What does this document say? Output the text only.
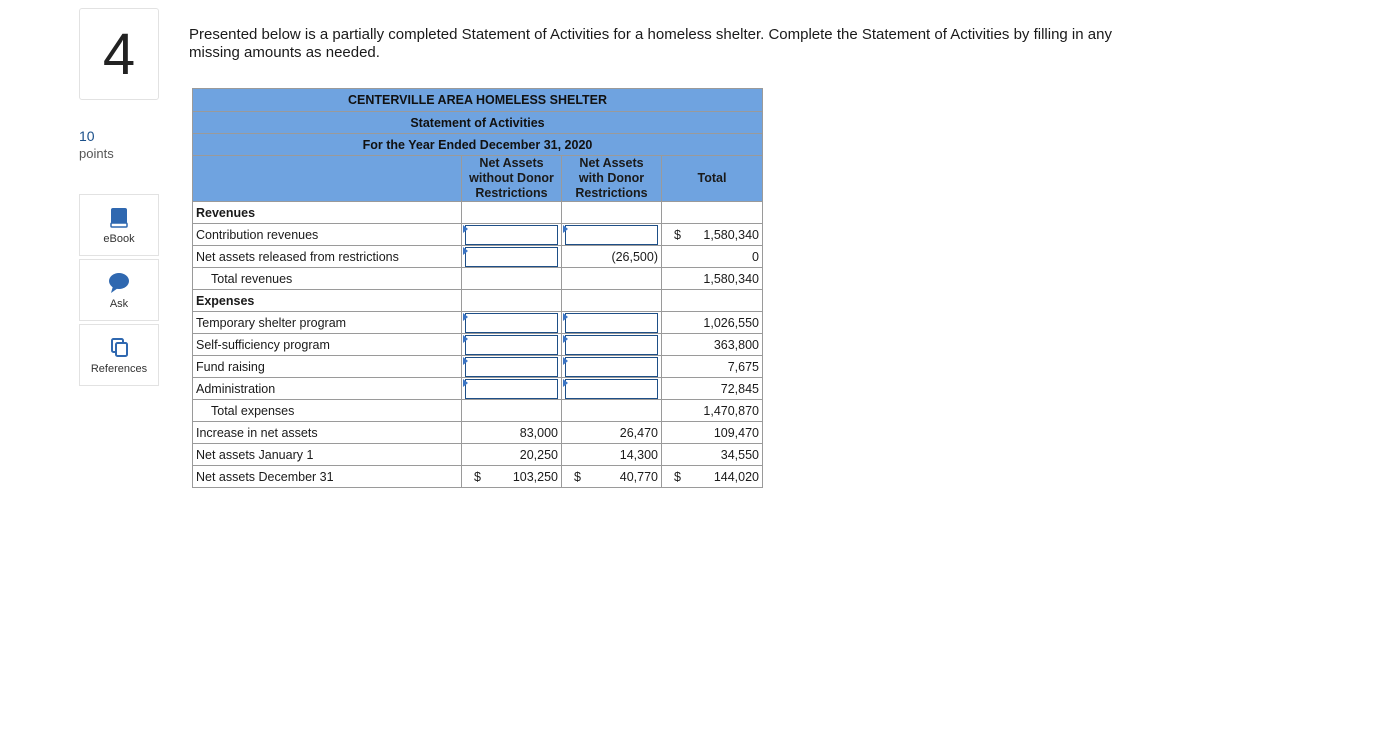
4
10
points
eBook
Ask
References
Presented below is a partially completed Statement of Activities for a homeless shelter. Complete the Statement of Activities by filling in any missing amounts as needed.
CENTERVILLE AREA HOMELESS SHELTER			
Statement of Activities			
For the Year Ended December 31, 2020			
	Net Assets
without Donor
Restrictions	Net Assets
with Donor
Restrictions	Total
Revenues			
Contribution revenues			$ 1,580,340
Net assets released from restrictions		(26,500)	0
Total revenues			1,580,340
Expenses			
Temporary shelter program			1,026,550
Self-sufficiency program			363,800
Fund raising			7,675
Administration			72,845
Total expenses			1,470,870
Increase in net assets	83,000	26,470	109,470
Net assets January 1	20,250	14,300	34,550
Net assets December 31	$ 103,250	$ 40,770	$ 144,020
